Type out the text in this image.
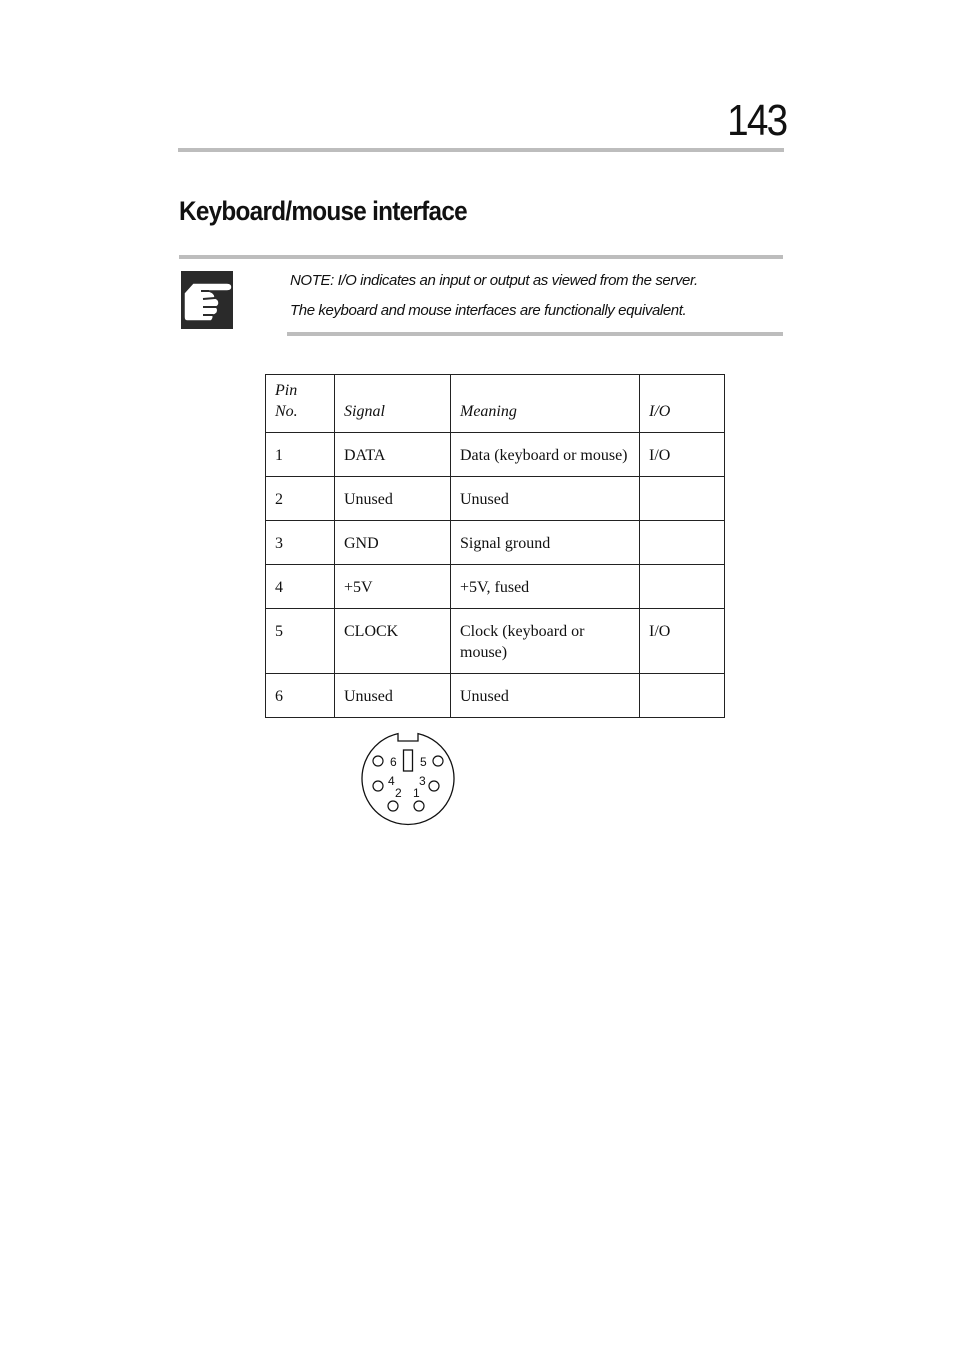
143
Keyboard/mouse interface

NOTE: I/O indicates an input or output as viewed from the server.

The keyboard and mouse interfaces are functionally equivalent.

Pin
No.	Signal	Meaning	I/O
1	DATA	Data (keyboard or mouse)	I/O
2	Unused	Unused	
3	GND	Signal ground	
4	+5V	+5V, fused	
5	CLOCK	Clock (keyboard or mouse)	I/O
6	Unused	Unused	
6 5
4 3
2 1
